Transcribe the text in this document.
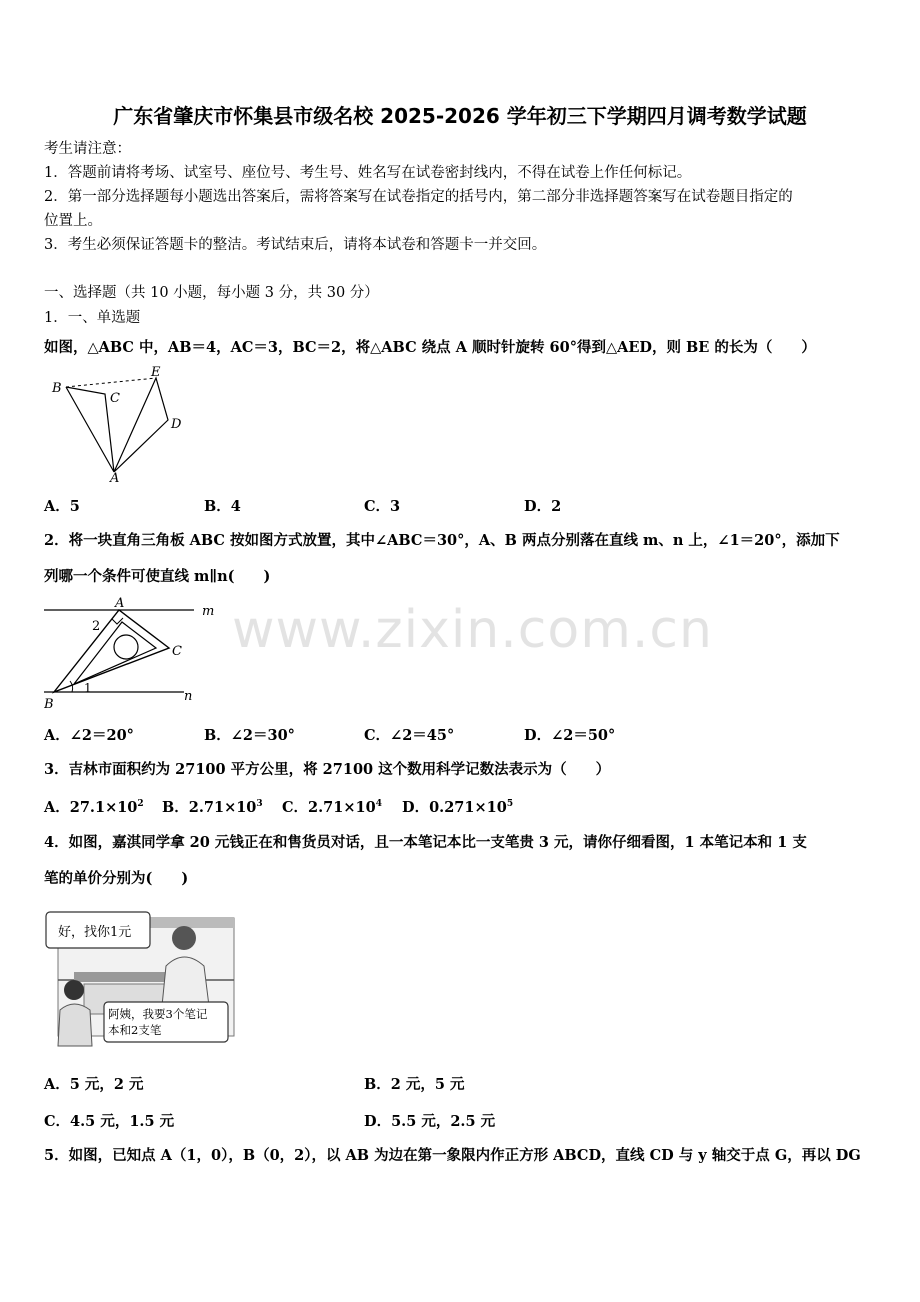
广东省肇庆市怀集县市级名校 2025-2026 学年初三下学期四月调考数学试题
考生请注意：
1．答题前请将考场、试室号、座位号、考生号、姓名写在试卷密封线内，不得在试卷上作任何标记。
2．第一部分选择题每小题选出答案后，需将答案写在试卷指定的括号内，第二部分非选择题答案写在试卷题目指定的
位置上。
3．考生必须保证答题卡的整洁。考试结束后，请将本试卷和答题卡一并交回。
一、选择题（共 10 小题，每小题 3 分，共 30 分）
1．一、单选题
如图，△ABC 中，AB＝4，AC＝3，BC＝2，将△ABC 绕点 A 顺时针旋转 60°得到△AED，则 BE 的长为（　　）
B
C
E
D
A
A．5	B．4	C．3	D．2
2．将一块直角三角板 ABC 按如图方式放置，其中∠ABC＝30°，A、B 两点分别落在直线 m、n 上，∠1＝20°，添加下
列哪一个条件可使直线 m∥n(　　)
A
m
2
C
B
1
n
A．∠2＝20°	B．∠2＝30°	C．∠2＝45°	D．∠2＝50°
3．吉林市面积约为 27100 平方公里，将 27100 这个数用科学记数法表示为（　　）
A．$27.1\times 10^2$ B．$2.71\times 10^3$ C．$2.71\times 10^4$ D．$0.271\times 10^5$
4．如图，嘉淇同学拿 20 元钱正在和售货员对话，且一本笔记本比一支笔贵 3 元，请你仔细看图，1 本笔记本和 1 支
笔的单价分别为(　　)
好，找你1元
阿姨，我要3个笔记
本和2支笔
A．5 元，2 元	B．2 元，5 元
C．4.5 元，1.5 元	D．5.5 元，2.5 元
5．如图，已知点 A（1，0），B（0，2），以 AB 为边在第一象限内作正方形 ABCD，直线 CD 与 y 轴交于点 G，再以 DG
www.zixin.com.cn
